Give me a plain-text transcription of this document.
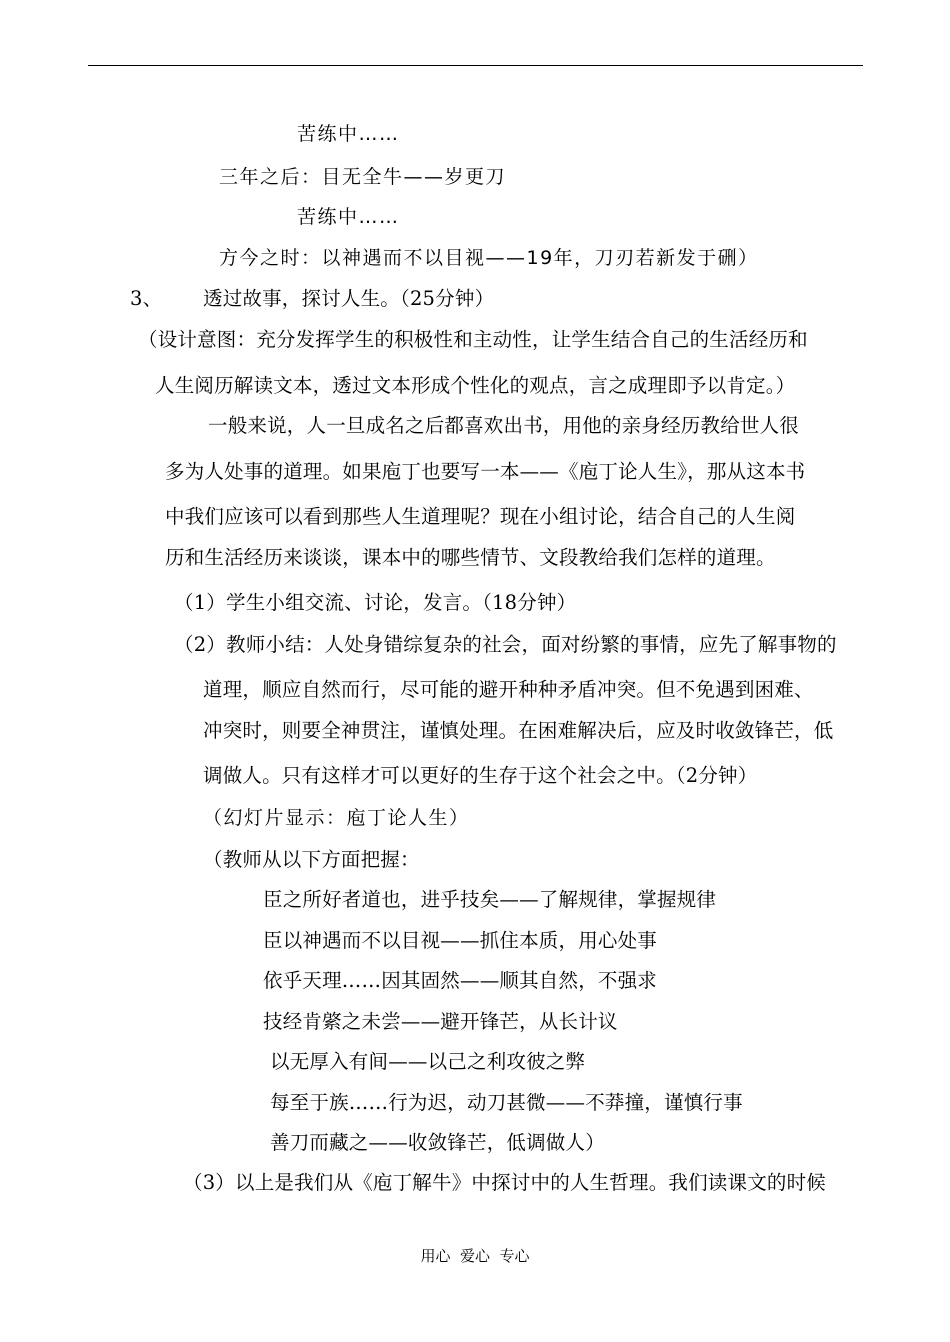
苦练中……
三年之后：目无全牛——岁更刀
苦练中……
方今之时：以神遇而不以目视——19年，刀刃若新发于硎）
3、 透过故事，探讨人生。（25分钟）
（设计意图：充分发挥学生的积极性和主动性，让学生结合自己的生活经历和
人生阅历解读文本，透过文本形成个性化的观点，言之成理即予以肯定。）
一般来说，人一旦成名之后都喜欢出书，用他的亲身经历教给世人很
多为人处事的道理。如果庖丁也要写一本——《庖丁论人生》，那从这本书
中我们应该可以看到那些人生道理呢？现在小组讨论，结合自己的人生阅
历和生活经历来谈谈，课本中的哪些情节、文段教给我们怎样的道理。
（1）学生小组交流、讨论，发言。（18分钟）
（2）教师小结：人处身错综复杂的社会，面对纷繁的事情，应先了解事物的
道理，顺应自然而行，尽可能的避开种种矛盾冲突。但不免遇到困难、
冲突时，则要全神贯注，谨慎处理。在困难解决后，应及时收敛锋芒，低
调做人。只有这样才可以更好的生存于这个社会之中。（2分钟）
（幻灯片显示：庖丁论人生）
（教师从以下方面把握：
臣之所好者道也，进乎技矣——了解规律，掌握规律
臣以神遇而不以目视——抓住本质，用心处事
依乎天理……因其固然——顺其自然，不强求
技经肯綮之未尝——避开锋芒，从长计议
以无厚入有间——以己之利攻彼之弊
每至于族……行为迟，动刀甚微——不莽撞，谨慎行事
善刀而藏之——收敛锋芒，低调做人）
（3）以上是我们从《庖丁解牛》中探讨中的人生哲理。我们读课文的时候
用心  爱心  专心
